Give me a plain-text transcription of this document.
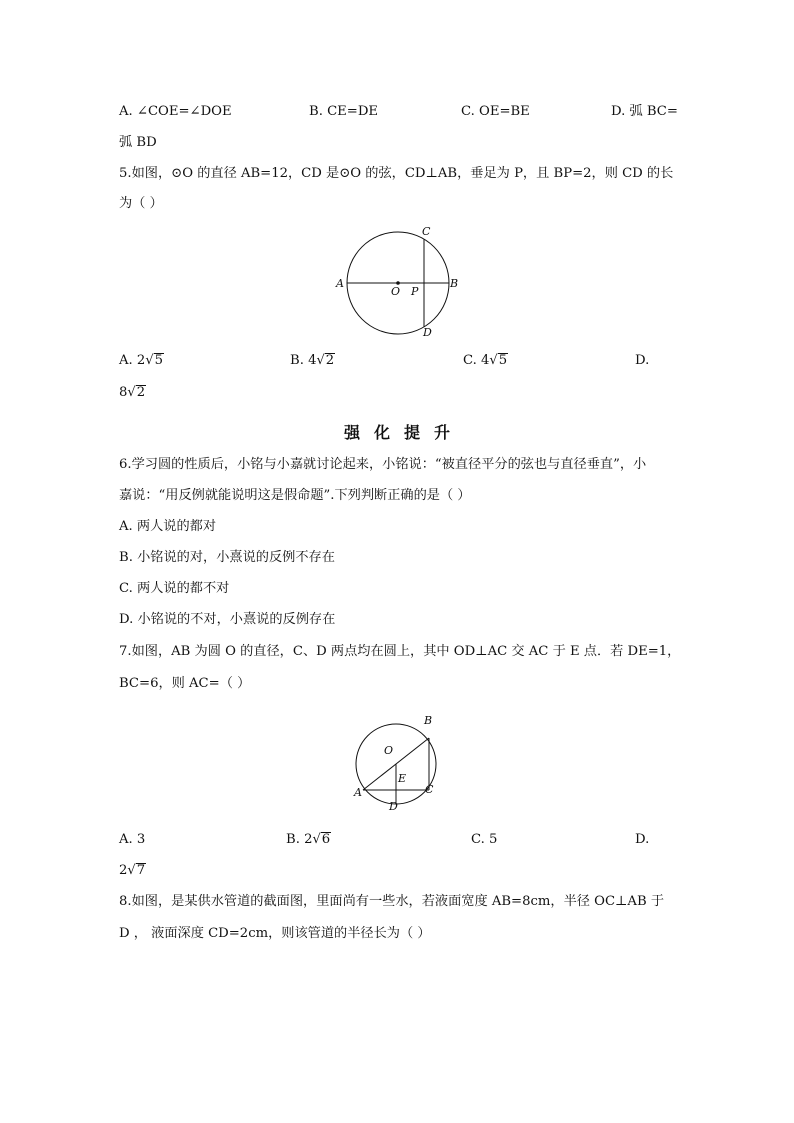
A. ∠COE=∠DOE	B. CE=DE	C. OE=BE	D. 弧 BC=
弧 BD
5.如图，⊙O 的直径 AB=12，CD 是⊙O 的弦，CD⊥AB，垂足为 P，且 BP=2，则 CD 的长
为（ ）
A	B
C
D
O P
A. 2√5	B. 4√2	C. 4√5	D.
8√2
强化提升
6.学习圆的性质后，小铭与小嘉就讨论起来，小铭说：“被直径平分的弦也与直径垂直”，小
嘉说：“用反例就能说明这是假命题”.下列判断正确的是（ ）
A. 两人说的都对
B. 小铭说的对，小熹说的反例不存在
C. 两人说的都不对
D. 小铭说的不对，小熹说的反例存在
7.如图，AB 为圆 O 的直径，C、D 两点均在圆上，其中 OD⊥AC 交 AC 于 E 点．若 DE=1，
BC=6，则 AC=（ ）
A
B
C
D
E
O
A. 3	B. 2√6	C. 5	D.
2√7
8.如图，是某供水管道的截面图，里面尚有一些水，若液面宽度 AB=8cm，半径 OC⊥AB 于
D ， 液面深度 CD=2cm，则该管道的半径长为（ ）
